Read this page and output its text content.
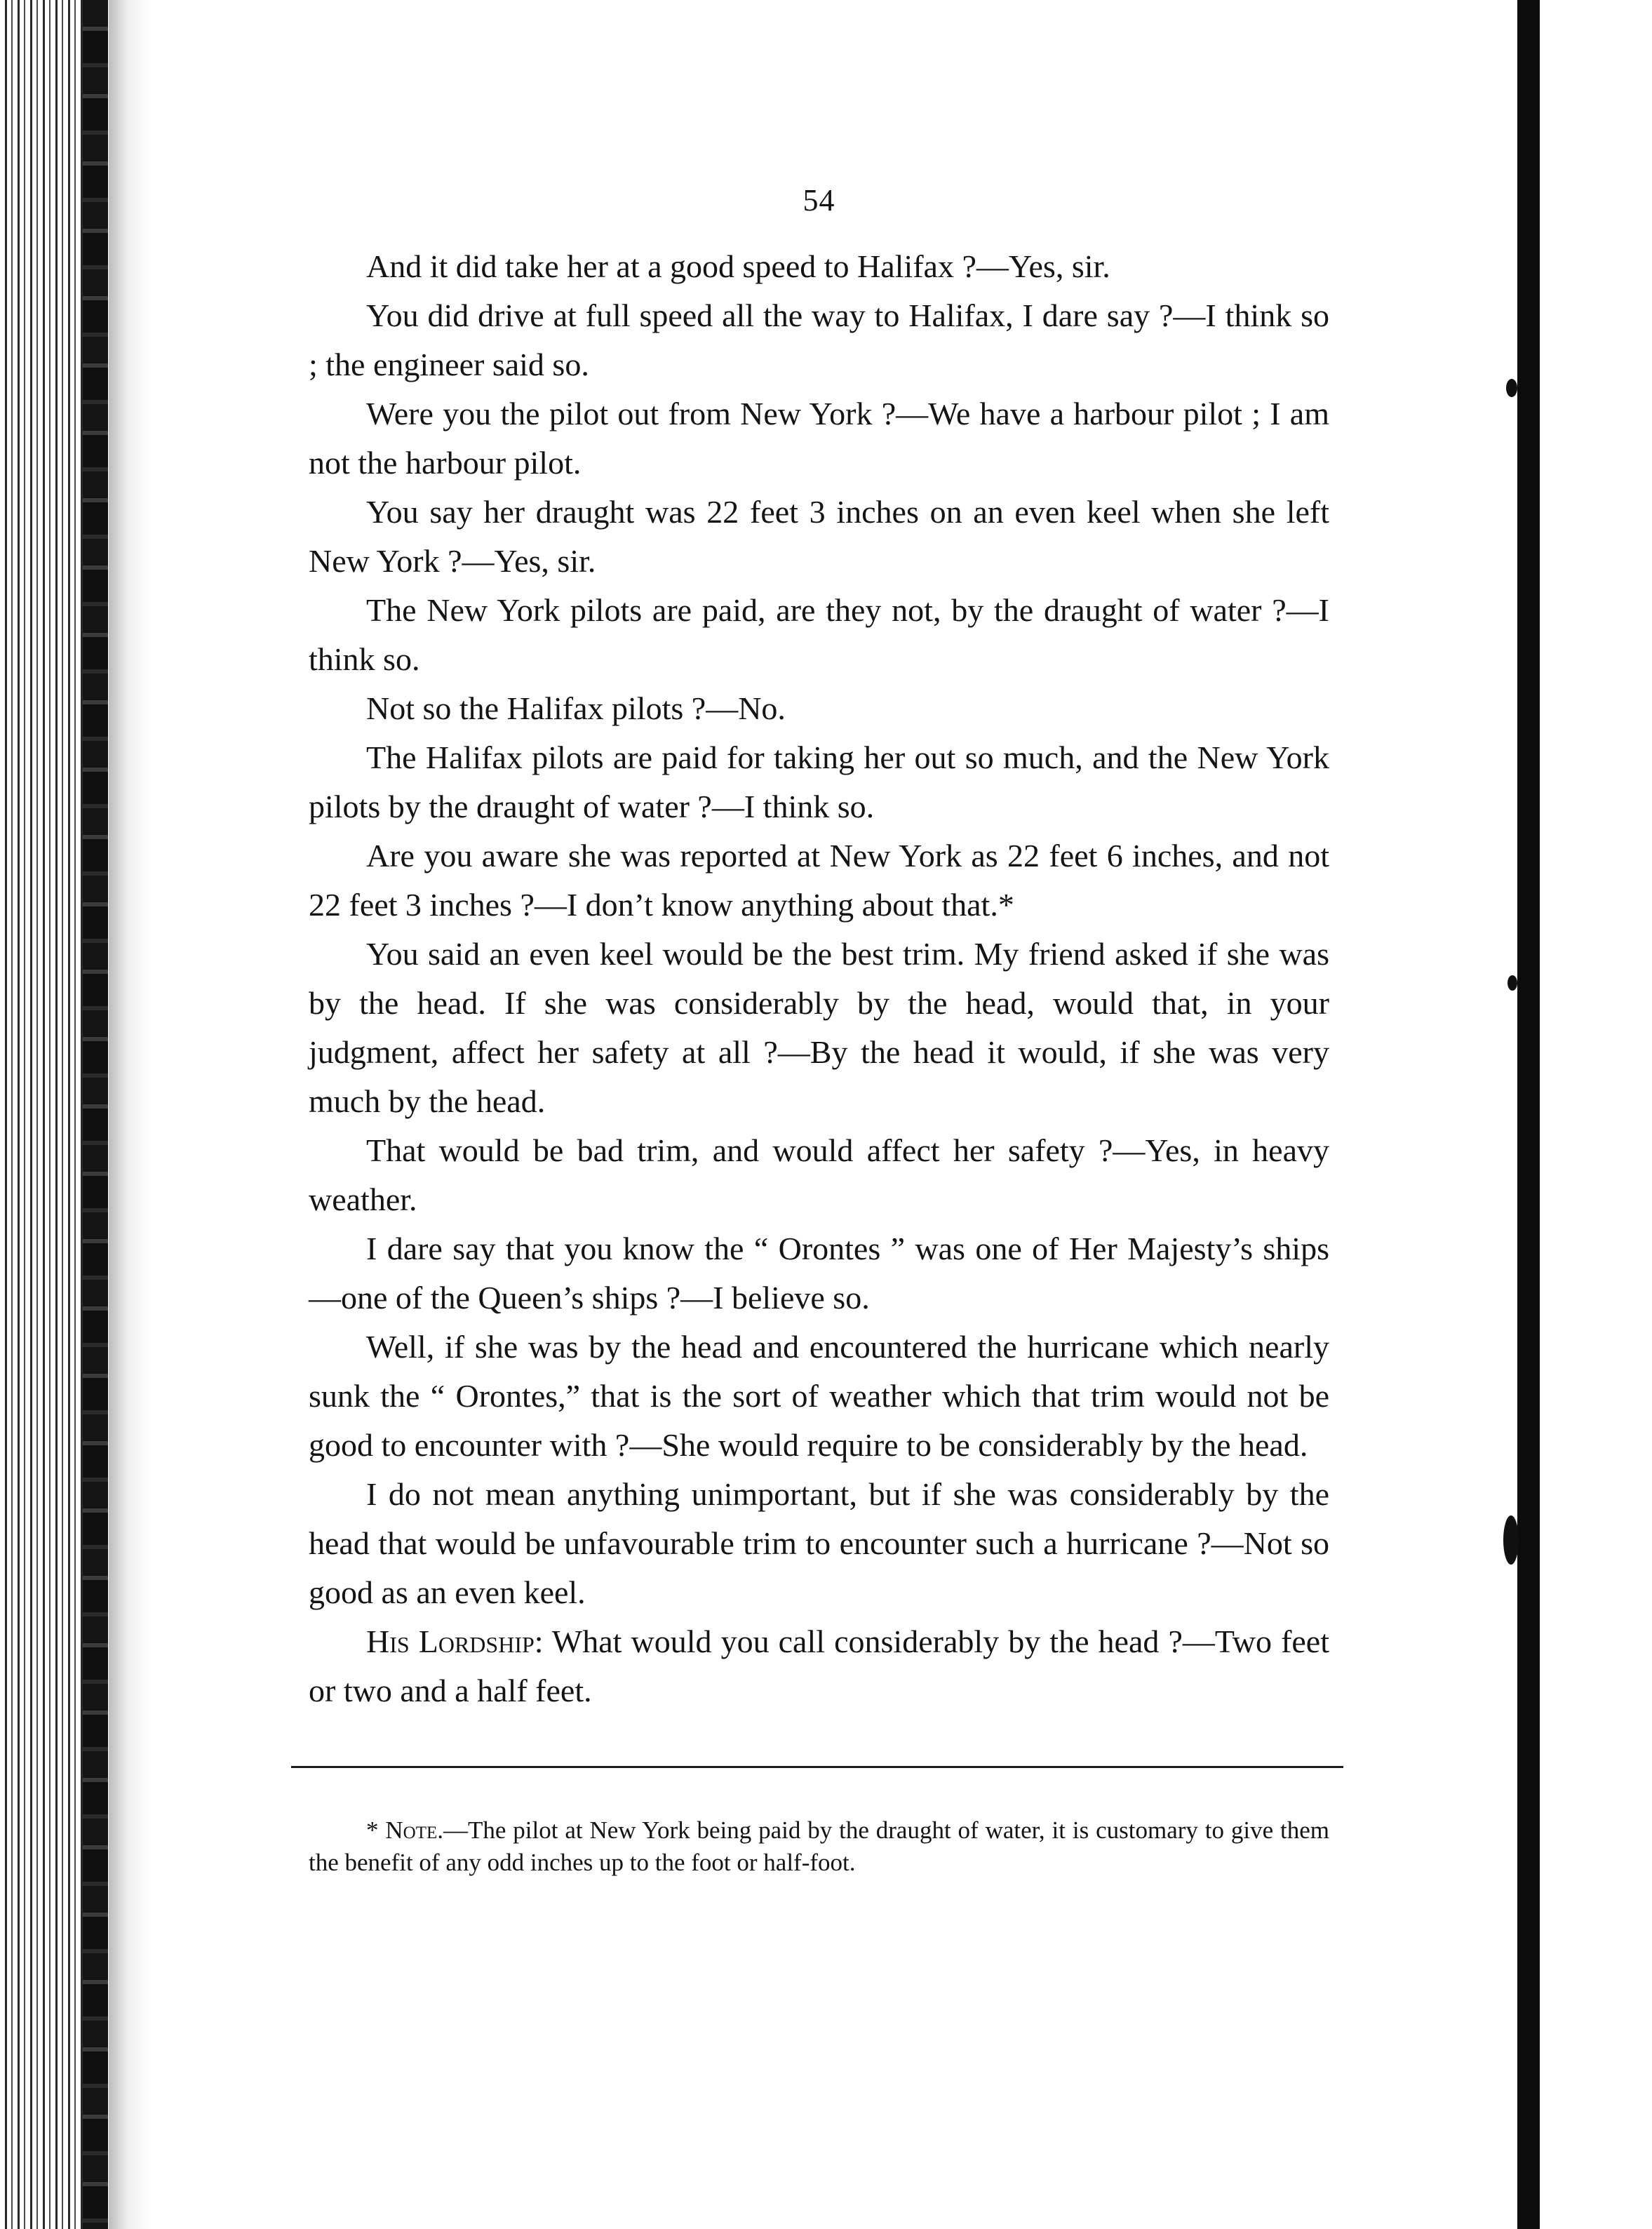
54

And it did take her at a good speed to Halifax ?—Yes, sir.

You did drive at full speed all the way to Halifax, I dare say ?—I think so ; the engineer said so.

Were you the pilot out from New York ?—We have a harbour pilot ; I am not the harbour pilot.

You say her draught was 22 feet 3 inches on an even keel when she left New York ?—Yes, sir.

The New York pilots are paid, are they not, by the draught of water ?—I think so.

Not so the Halifax pilots ?—No.

The Halifax pilots are paid for taking her out so much, and the New York pilots by the draught of water ?—I think so.

Are you aware she was reported at New York as 22 feet 6 inches, and not 22 feet 3 inches ?—I don’t know anything about that.*

You said an even keel would be the best trim. My friend asked if she was by the head. If she was considerably by the head, would that, in your judgment, affect her safety at all ?—By the head it would, if she was very much by the head.

That would be bad trim, and would affect her safety ?—Yes, in heavy weather.

I dare say that you know the “ Orontes ” was one of Her Majesty’s ships—one of the Queen’s ships ?—I believe so.

Well, if she was by the head and encountered the hurricane which nearly sunk the “ Orontes,” that is the sort of weather which that trim would not be good to encounter with ?—She would require to be considerably by the head.

I do not mean anything unimportant, but if she was considerably by the head that would be unfavourable trim to encounter such a hurricane ?—Not so good as an even keel.

His Lordship: What would you call considerably by the head ?—Two feet or two and a half feet.

* Note.—The pilot at New York being paid by the draught of water, it is customary to give them the benefit of any odd inches up to the foot or half-foot.
